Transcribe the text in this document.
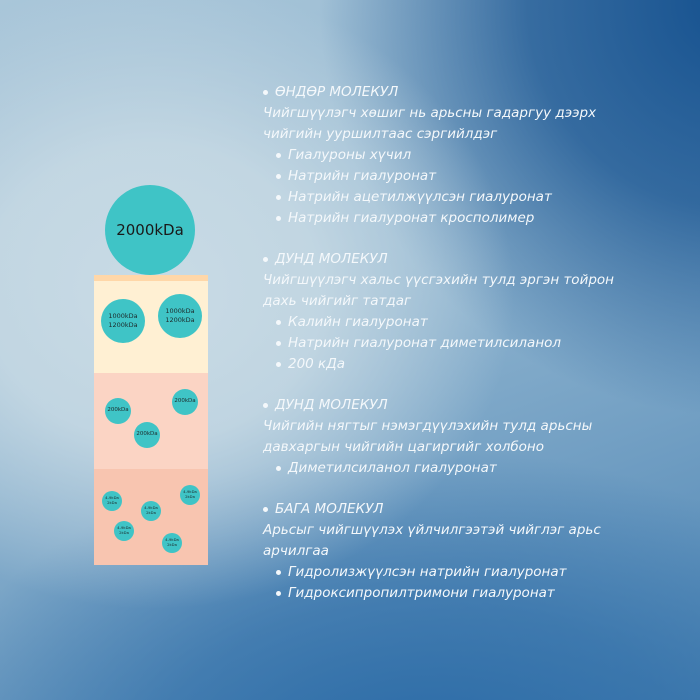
2000kDa
1000kDa
1200kDa
1000kDa
1200kDa
200kDa
200kDa
200kDa
4-9kDa
2kDa
4-9kDa
2kDa
4-9kDa
2kDa
4-9kDa
2kDa
4-9kDa
2kDa
ӨНДӨР МОЛЕКУЛ
Чийгшүүлэгч хөшиг нь арьсны гадаргуу дээрх
чийгийн ууршилтаас сэргийлдэг
Гиалуроны хүчил
Натрийн гиалуронат
Натрийн ацетилжүүлсэн гиалуронат
Натрийн гиалуронат кросполимер
ДУНД МОЛЕКУЛ
Чийгшүүлэгч хальс үүсгэхийн тулд эргэн тойрон
дахь чийгийг татдаг
Калийн гиалуронат
Натрийн гиалуронат диметилсиланол
200 кДа
ДУНД МОЛЕКУЛ
Чийгийн нягтыг нэмэгдүүлэхийн тулд арьсны
давхаргын чийгийн цагиргийг холбоно
Диметилсиланол гиалуронат
БАГА МОЛЕКУЛ
Арьсыг чийгшүүлэх үйлчилгээтэй чийглэг арьс
арчилгаа
Гидролизжүүлсэн натрийн гиалуронат
Гидроксипропилтримони гиалуронат
